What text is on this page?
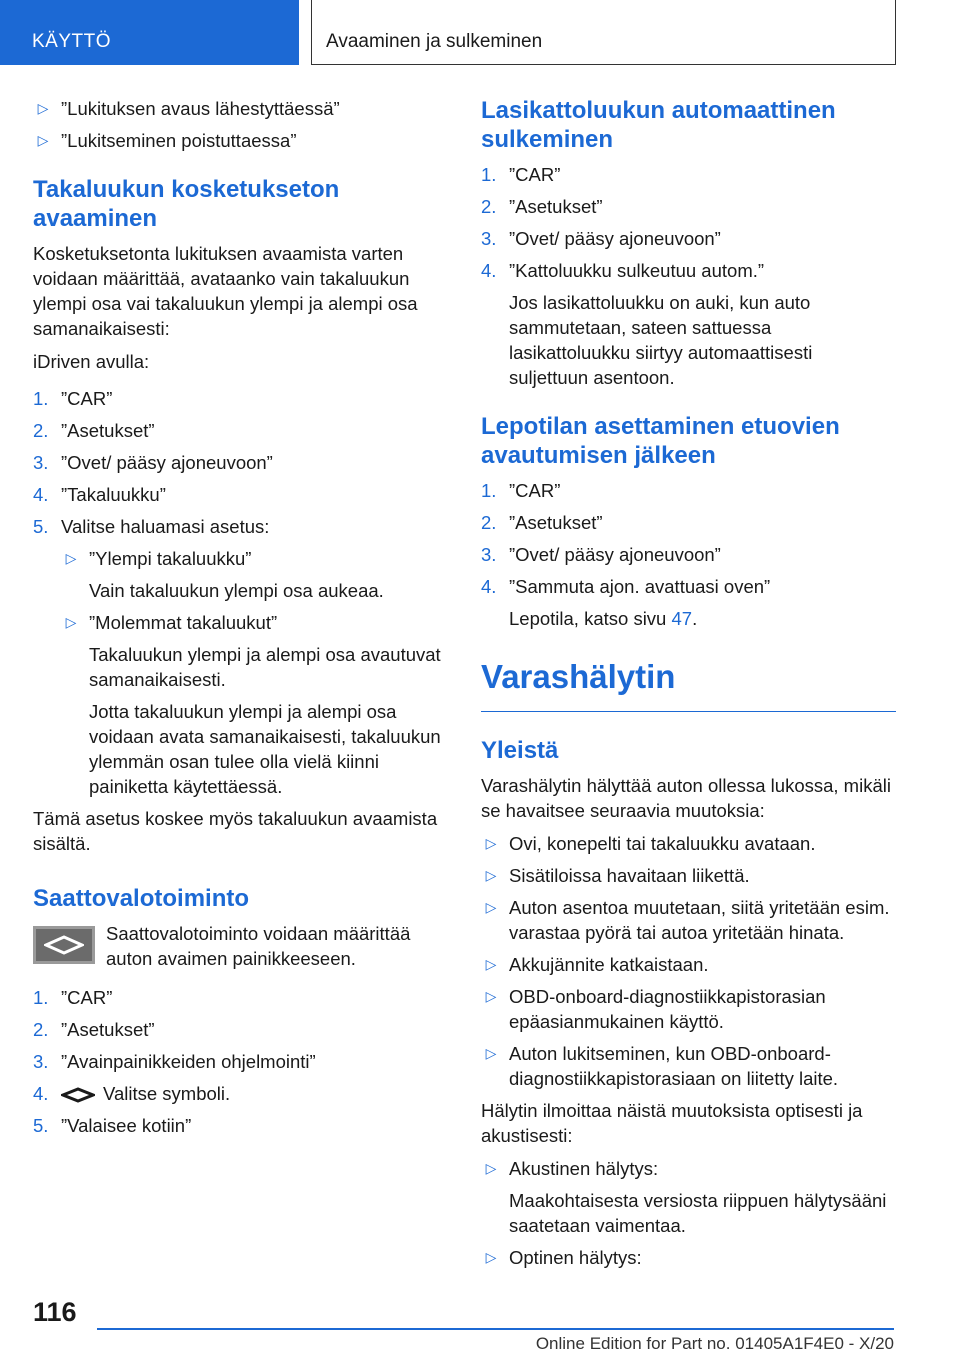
KÄYTTÖ	Avaaminen ja sulkeminen
▷ ”Lukituksen avaus lähestyttäessä”
▷ ”Lukitseminen poistuttaessa”
Takaluukun kosketukseton avaaminen
Kosketuksetonta lukituksen avaamista varten voidaan määrittää, avataanko vain takaluukun ylempi osa vai takaluukun ylempi ja alempi osa samanaikaisesti:
iDriven avulla:
1. ”CAR”
2. ”Asetukset”
3. ”Ovet/ pääsy ajoneuvoon”
4. ”Takaluukku”
5. Valitse haluamasi asetus:
▷ ”Ylempi takaluukku”
Vain takaluukun ylempi osa aukeaa.
▷ ”Molemmat takaluukut”
Takaluukun ylempi ja alempi osa avautuvat samanaikaisesti.
Jotta takaluukun ylempi ja alempi osa voidaan avata samanaikaisesti, takaluukun ylemmän osan tulee olla vielä kiinni painiketta käytettäessä.
Tämä asetus koskee myös takaluukun avaamista sisältä.
Saattovalotoiminto
Saattovalotoiminto voidaan määrittää auton avaimen painikkeeseen.
1. ”CAR”
2. ”Asetukset”
3. ”Avainpainikkeiden ohjelmointi”
4.	Valitse symboli.
5. ”Valaisee kotiin”
Lasikattoluukun automaattinen sulkeminen
1. ”CAR”
2. ”Asetukset”
3. ”Ovet/ pääsy ajoneuvoon”
4. ”Kattoluukku sulkeutuu autom.”
Jos lasikattoluukku on auki, kun auto sammutetaan, sateen sattuessa lasikattoluukku siirtyy automaattisesti suljettuun asentoon.
Lepotilan asettaminen etuovien avautumisen jälkeen
1. ”CAR”
2. ”Asetukset”
3. ”Ovet/ pääsy ajoneuvoon”
4. ”Sammuta ajon. avattuasi oven”
Lepotila, katso sivu 47.
Varashälytin
Yleistä
Varashälytin hälyttää auton ollessa lukossa, mikäli se havaitsee seuraavia muutoksia:
▷ Ovi, konepelti tai takaluukku avataan.
▷ Sisätiloissa havaitaan liikettä.
▷ Auton asentoa muutetaan, siitä yritetään esim. varastaa pyörä tai autoa yritetään hinata.
▷ Akkujännite katkaistaan.
▷ OBD-onboard-diagnostiikkapistorasian epäasianmukainen käyttö.
▷ Auton lukitseminen, kun OBD-onboard-diagnostiikkapistorasiaan on liitetty laite.
Hälytin ilmoittaa näistä muutoksista optisesti ja akustisesti:
▷ Akustinen hälytys:
Maakohtaisesta versiosta riippuen hälytysääni saatetaan vaimentaa.
▷ Optinen hälytys:
116
Online Edition for Part no. 01405A1F4E0 - X/20
